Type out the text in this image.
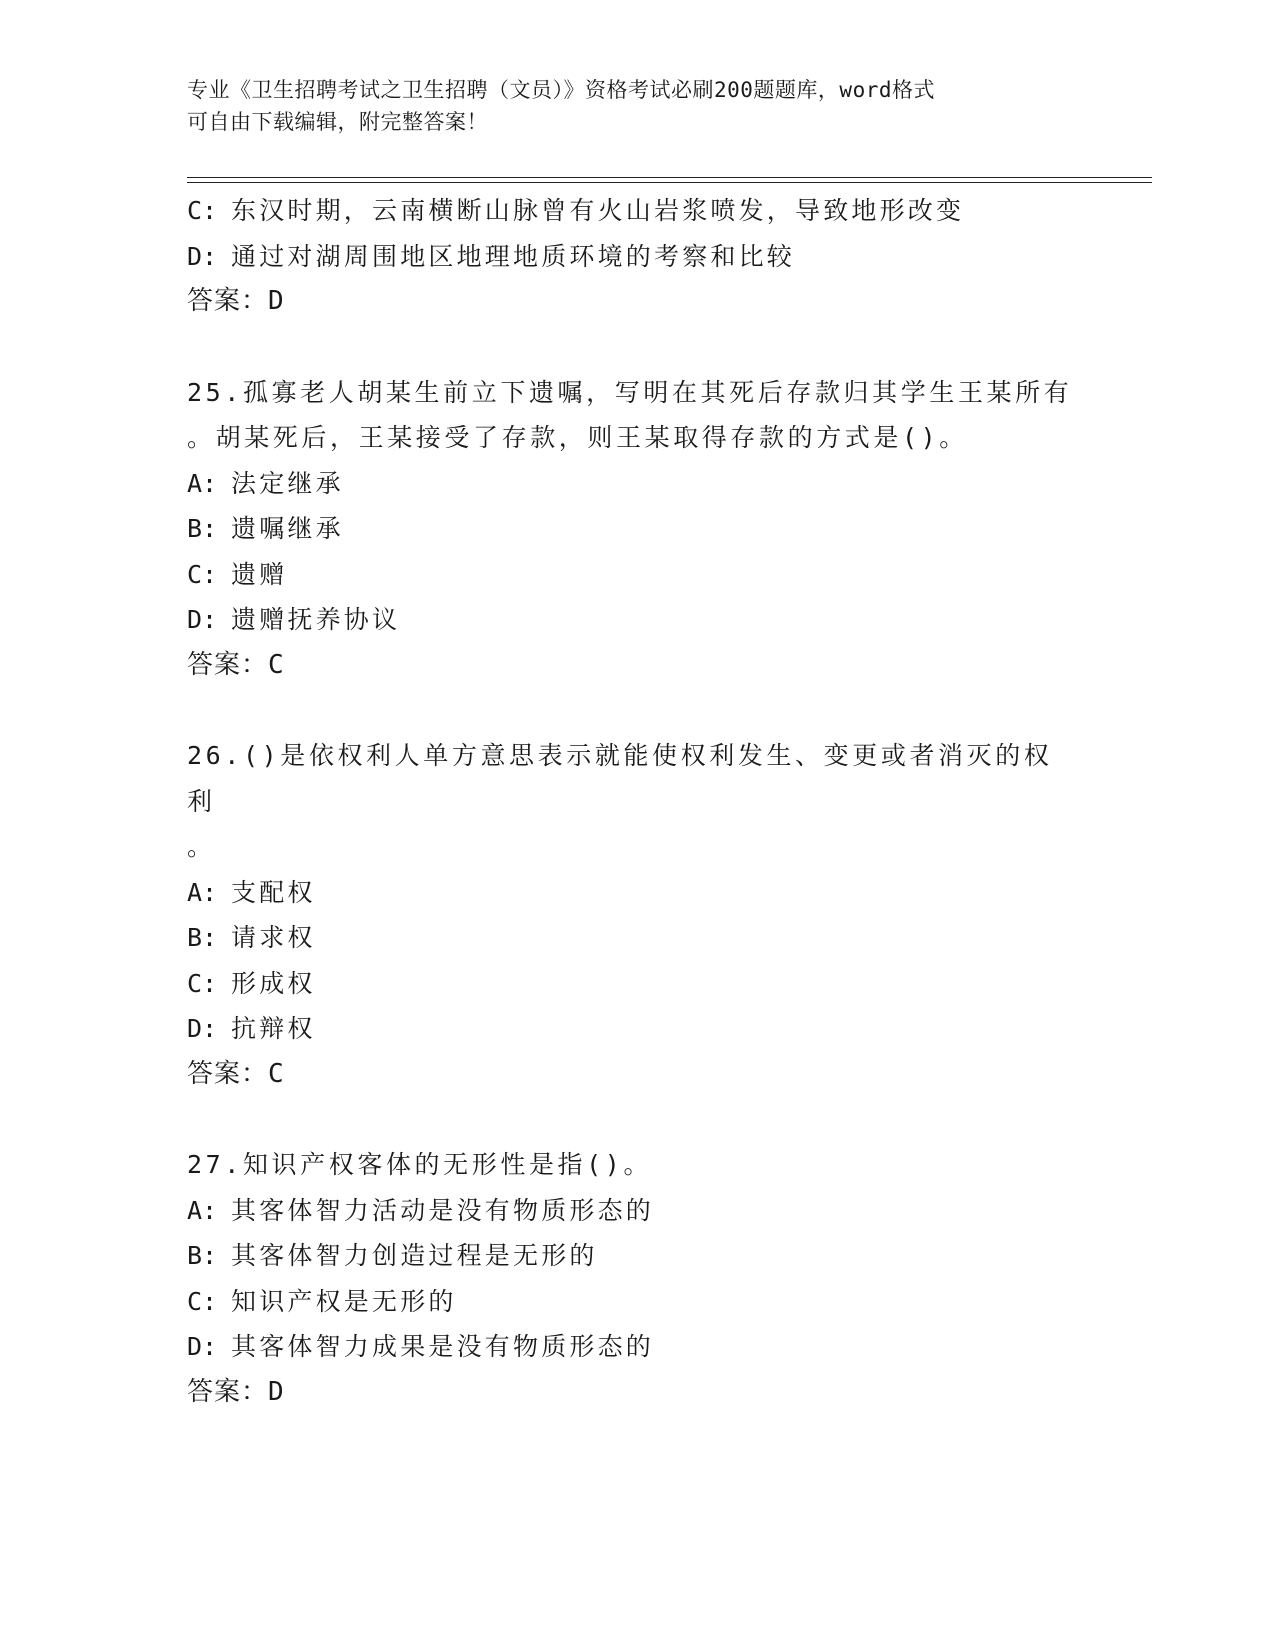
专业《卫生招聘考试之卫生招聘（文员）》资格考试必刷200题题库，word格式
可自由下载编辑，附完整答案！
C: 东汉时期，云南横断山脉曾有火山岩浆喷发，导致地形改变
D: 通过对湖周围地区地理地质环境的考察和比较
答案：D
25.孤寡老人胡某生前立下遗嘱，写明在其死后存款归其学生王某所有
。胡某死后，王某接受了存款，则王某取得存款的方式是()。
A: 法定继承
B: 遗嘱继承
C: 遗赠
D: 遗赠抚养协议
答案：C
26.()是依权利人单方意思表示就能使权利发生、变更或者消灭的权利
。
A: 支配权
B: 请求权
C: 形成权
D: 抗辩权
答案：C
27.知识产权客体的无形性是指()。
A: 其客体智力活动是没有物质形态的
B: 其客体智力创造过程是无形的
C: 知识产权是无形的
D: 其客体智力成果是没有物质形态的
答案：D
